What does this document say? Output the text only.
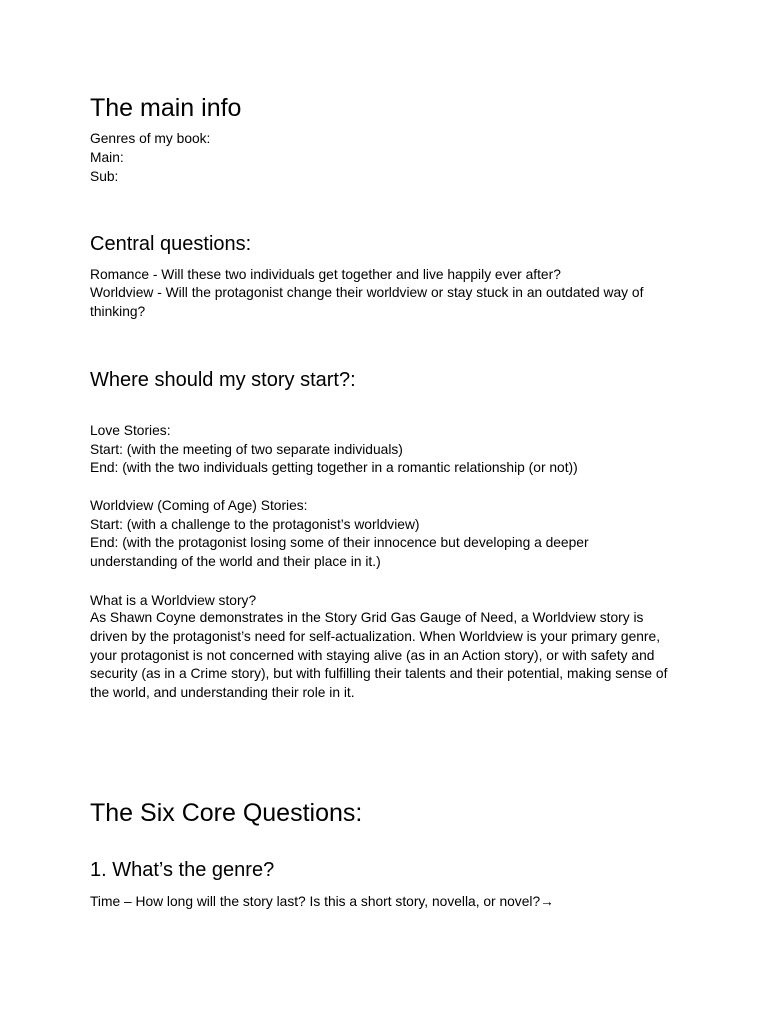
The main info
Genres of my book:
Main:
Sub:
Central questions:
Romance - Will these two individuals get together and live happily ever after?
Worldview - Will the protagonist change their worldview or stay stuck in an outdated way of
thinking?
Where should my story start?:
Love Stories:
Start: (with the meeting of two separate individuals)
End: (with the two individuals getting together in a romantic relationship (or not))
Worldview (Coming of Age) Stories:
Start: (with a challenge to the protagonist’s worldview)
End: (with the protagonist losing some of their innocence but developing a deeper
understanding of the world and their place in it.)
What is a Worldview story?
As Shawn Coyne demonstrates in the Story Grid Gas Gauge of Need, a Worldview story is
driven by the protagonist’s need for self-actualization. When Worldview is your primary genre,
your protagonist is not concerned with staying alive (as in an Action story), or with safety and
security (as in a Crime story), but with fulfilling their talents and their potential, making sense of
the world, and understanding their role in it.
The Six Core Questions:
1. What’s the genre?
Time – How long will the story last? Is this a short story, novella, or novel?→
